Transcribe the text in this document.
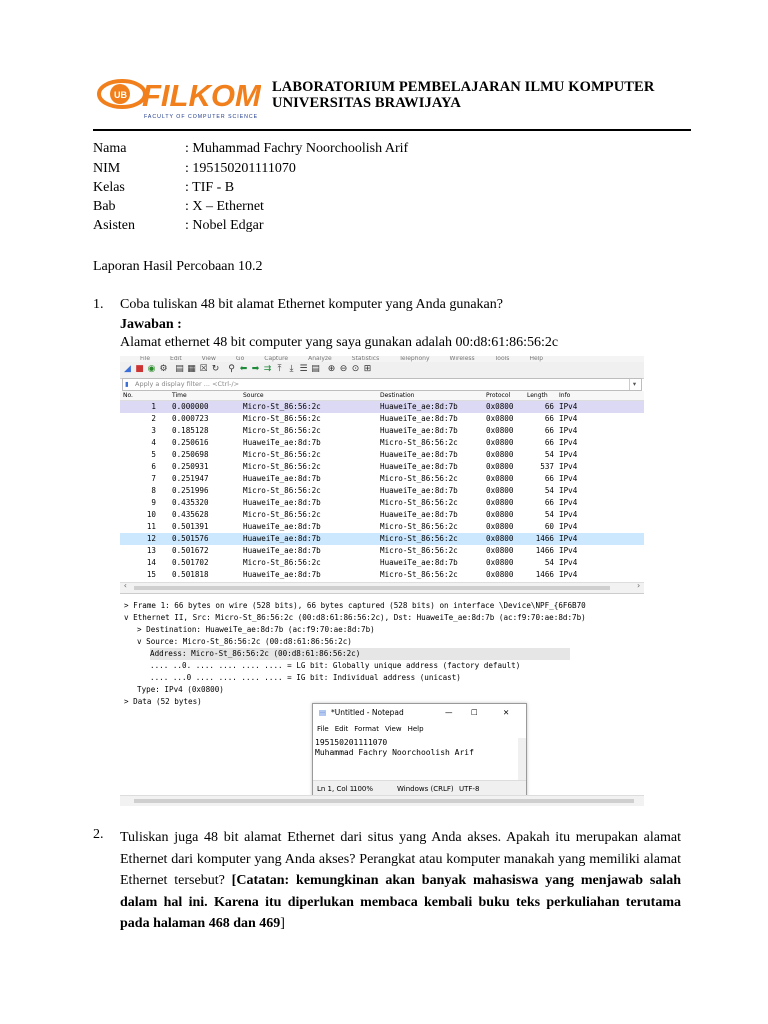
UB FILKOM
FACULTY OF COMPUTER SCIENCE
LABORATORIUM PEMBELAJARAN ILMU KOMPUTER
UNIVERSITAS BRAWIJAYA
Nama	: Muhammad Fachry Noorchoolish Arif
NIM	: 195150201111070
Kelas	: TIF - B
Bab	: X – Ethernet
Asisten	: Nobel Edgar
Laporan Hasil Percobaan 10.2
1. Coba tuliskan 48 bit alamat Ethernet komputer yang Anda gunakan?
Jawaban :
Alamat ethernet 48 bit computer yang saya gunakan adalah 00:d8:61:86:56:2c
File	Edit	View	Go	Capture	Analyze	Statistics	Telephony	Wireless	Tools	Help
◢ ■ ◉ ⚙ ▤ ▦ ☒ ↻ ⚲ ⬅ ➡ ⇉ ⤒ ⤓ ☰ ▤ ⊕ ⊖ ⊙ ⊞
▮ Apply a display filter ... <Ctrl-/>	▾
No.	Time	Source	Destination	Protocol	Length Info
1 0.000000	Micro-St_86:56:2c	HuaweiTe_ae:8d:7b	0x0800	66 IPv4
2 0.000723	Micro-St_86:56:2c	HuaweiTe_ae:8d:7b	0x0800	66 IPv4
3 0.185128	Micro-St_86:56:2c	HuaweiTe_ae:8d:7b	0x0800	66 IPv4
4 0.250616	HuaweiTe_ae:8d:7b	Micro-St_86:56:2c	0x0800	66 IPv4
5 0.250698	Micro-St_86:56:2c	HuaweiTe_ae:8d:7b	0x0800	54 IPv4
6 0.250931	Micro-St_86:56:2c	HuaweiTe_ae:8d:7b	0x0800	537 IPv4
7 0.251947	HuaweiTe_ae:8d:7b	Micro-St_86:56:2c	0x0800	66 IPv4
8 0.251996	Micro-St_86:56:2c	HuaweiTe_ae:8d:7b	0x0800	54 IPv4
9 0.435320	HuaweiTe_ae:8d:7b	Micro-St_86:56:2c	0x0800	66 IPv4
10 0.435628	Micro-St_86:56:2c	HuaweiTe_ae:8d:7b	0x0800	54 IPv4
11 0.501391	HuaweiTe_ae:8d:7b	Micro-St_86:56:2c	0x0800	60 IPv4
12 0.501576	HuaweiTe_ae:8d:7b	Micro-St_86:56:2c	0x0800	1466 IPv4
13 0.501672	HuaweiTe_ae:8d:7b	Micro-St_86:56:2c	0x0800	1466 IPv4
14 0.501702	Micro-St_86:56:2c	HuaweiTe_ae:8d:7b	0x0800	54 IPv4
15 0.501818	HuaweiTe_ae:8d:7b	Micro-St_86:56:2c	0x0800	1466 IPv4
‹	›
> Frame 1: 66 bytes on wire (528 bits), 66 bytes captured (528 bits) on interface \Device\NPF_{6F6B70
v Ethernet II, Src: Micro-St_86:56:2c (00:d8:61:86:56:2c), Dst: HuaweiTe_ae:8d:7b (ac:f9:70:ae:8d:7b)
> Destination: HuaweiTe_ae:8d:7b (ac:f9:70:ae:8d:7b)
v Source: Micro-St_86:56:2c (00:d8:61:86:56:2c)
Address: Micro-St_86:56:2c (00:d8:61:86:56:2c)
.... ..0. .... .... .... .... = LG bit: Globally unique address (factory default)
.... ...0 .... .... .... .... = IG bit: Individual address (unicast)
Type: IPv4 (0x0800)
> Data (52 bytes)
▤ *Untitled - Notepad	— ☐	✕
File Edit Format View Help
195150201111070
Muhammad Fachry Noorchoolish Arif
Ln 1, Col 1
100%	Windows (CRLF) UTF-8
2. Tuliskan juga 48 bit alamat Ethernet dari situs yang Anda akses. Apakah itu merupakan alamat Ethernet dari komputer yang Anda akses? Perangkat atau komputer manakah yang memiliki alamat Ethernet tersebut? [Catatan: kemungkinan akan banyak mahasiswa yang menjawab salah dalam hal ini. Karena itu diperlukan membaca kembali buku teks perkuliahan terutama pada halaman 468 dan 469]
